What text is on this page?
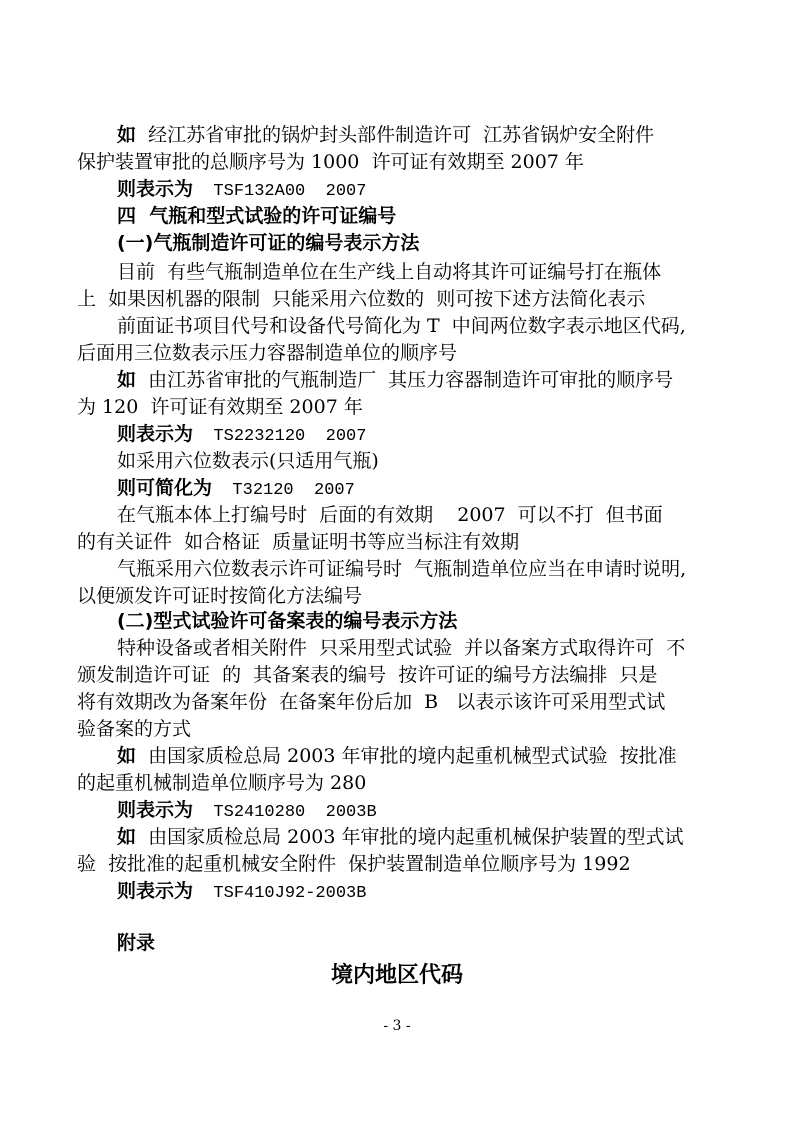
如  经江苏省审批的锅炉封头部件制造许可  江苏省锅炉安全附件
保护装置审批的总顺序号为 1000  许可证有效期至 2007 年
则表示为  TSF132A00  2007
四  气瓶和型式试验的许可证编号
(一)气瓶制造许可证的编号表示方法
目前  有些气瓶制造单位在生产线上自动将其许可证编号打在瓶体
上  如果因机器的限制  只能采用六位数的  则可按下述方法简化表示
前面证书项目代号和设备代号简化为 T  中间两位数字表示地区代码,
后面用三位数表示压力容器制造单位的顺序号
如  由江苏省审批的气瓶制造厂  其压力容器制造许可审批的顺序号
为 120  许可证有效期至 2007 年
则表示为  TS2232120  2007
如采用六位数表示(只适用气瓶)
则可简化为  T32120  2007
在气瓶本体上打编号时  后面的有效期    2007  可以不打  但书面
的有关证件  如合格证  质量证明书等应当标注有效期
气瓶采用六位数表示许可证编号时  气瓶制造单位应当在申请时说明,
以便颁发许可证时按简化方法编号
(二)型式试验许可备案表的编号表示方法
特种设备或者相关附件  只采用型式试验  并以备案方式取得许可  不
颁发制造许可证  的  其备案表的编号  按许可证的编号方法编排  只是
将有效期改为备案年份  在备案年份后加  B   以表示该许可采用型式试
验备案的方式
如  由国家质检总局 2003 年审批的境内起重机械型式试验  按批准
的起重机械制造单位顺序号为 280
则表示为  TS2410280  2003B
如  由国家质检总局 2003 年审批的境内起重机械保护装置的型式试
验  按批准的起重机械安全附件  保护装置制造单位顺序号为 1992
则表示为  TSF410J92-2003B
附录
境内地区代码
- 3 -
